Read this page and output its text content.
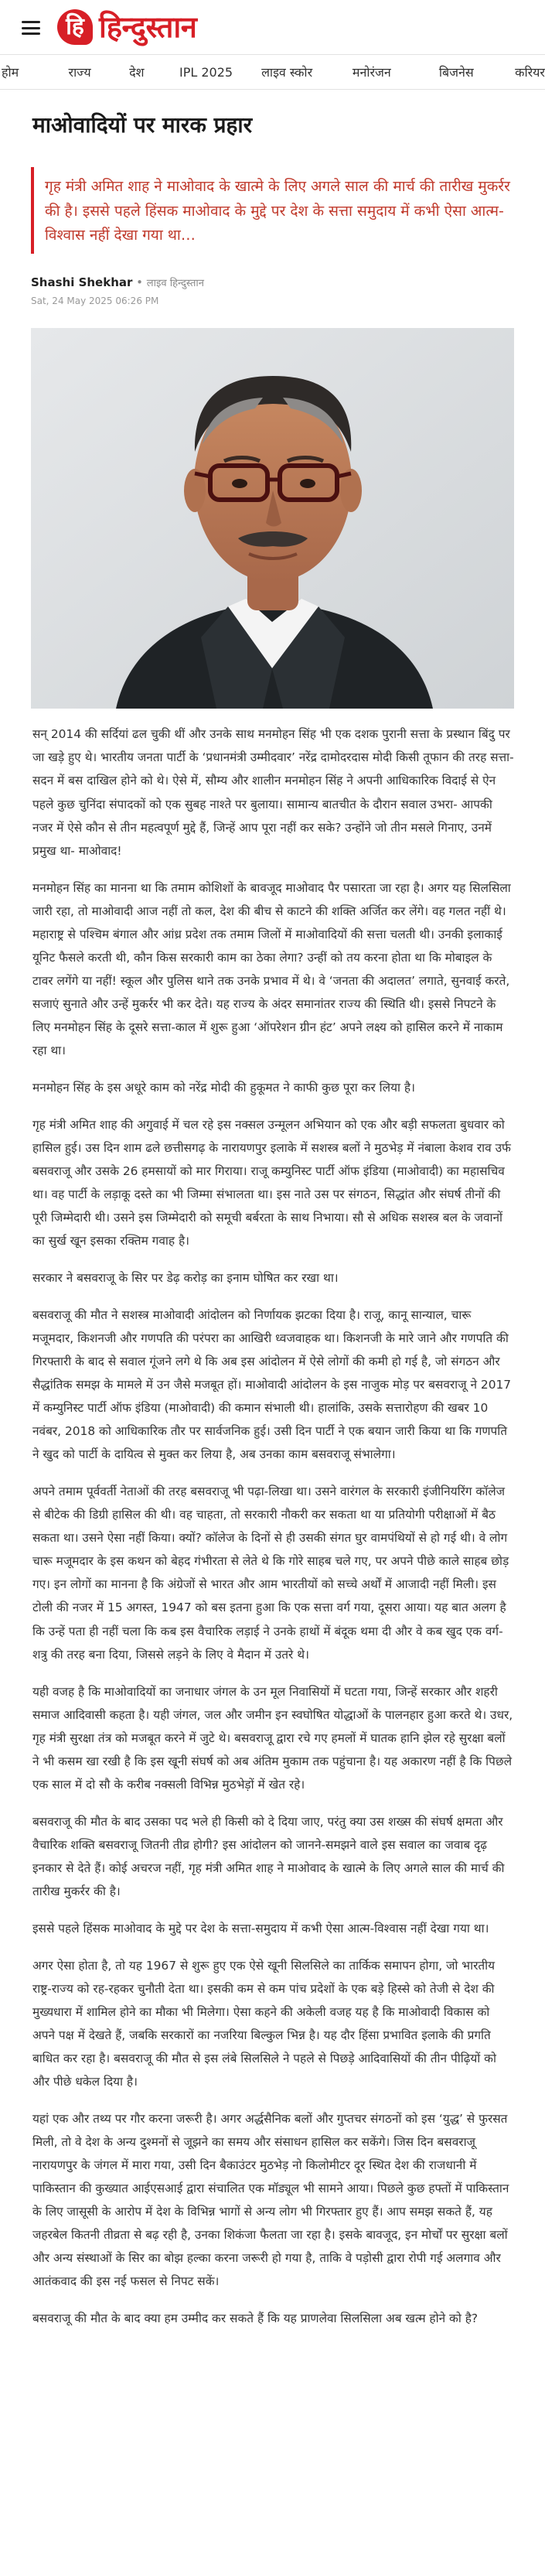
हि हिन्दुस्तान
होम	राज्य	देश	IPL 2025	लाइव स्कोर	मनोरंजन	बिजनेस	करियर
माओवादियों पर मारक प्रहार
गृह मंत्री अमित शाह ने माओवाद के खात्मे के लिए अगले साल की मार्च की तारीख मुकर्रर की है। इससे पहले हिंसक माओवाद के मुद्दे पर देश के सत्ता समुदाय में कभी ऐसा आत्म-विश्वास नहीं देखा गया था…
Shashi Shekhar • लाइव हिन्दुस्तान
Sat, 24 May 2025 06:26 PM

सन् 2014 की सर्दियां ढल चुकी थीं और उनके साथ मनमोहन सिंह भी एक दशक पुरानी सत्ता के प्रस्थान बिंदु पर जा खड़े हुए थे। भारतीय जनता पार्टी के ‘प्रधानमंत्री उम्मीदवार’ नरेंद्र दामोदरदास मोदी किसी तूफान की तरह सत्ता-सदन में बस दाखिल होने को थे। ऐसे में, सौम्य और शालीन मनमोहन सिंह ने अपनी आधिकारिक विदाई से ऐन पहले कुछ चुनिंदा संपादकों को एक सुबह नाश्ते पर बुलाया। सामान्य बातचीत के दौरान सवाल उभरा- आपकी नजर में ऐसे कौन से तीन महत्वपूर्ण मुद्दे हैं, जिन्हें आप पूरा नहीं कर सके? उन्होंने जो तीन मसले गिनाए, उनमें प्रमुख था- माओवाद!

मनमोहन सिंह का मानना था कि तमाम कोशिशों के बावजूद माओवाद पैर पसारता जा रहा है। अगर यह सिलसिला जारी रहा, तो माओवादी आज नहीं तो कल, देश की बीच से काटने की शक्ति अर्जित कर लेंगे। वह गलत नहीं थे। महाराष्ट्र से पश्चिम बंगाल और आंध्र प्रदेश तक तमाम जिलों में माओवादियों की सत्ता चलती थी। उनकी इलाकाई यूनिट फैसले करती थी, कौन किस सरकारी काम का ठेका लेगा? उन्हीं को तय करना होता था कि मोबाइल के टावर लगेंगे या नहीं! स्कूल और पुलिस थाने तक उनके प्रभाव में थे। वे ‘जनता की अदालत’ लगाते, सुनवाई करते, सजाएं सुनाते और उन्हें मुकर्रर भी कर देते। यह राज्य के अंदर समानांतर राज्य की स्थिति थी। इससे निपटने के लिए मनमोहन सिंह के दूसरे सत्ता-काल में शुरू हुआ ‘ऑपरेशन ग्रीन हंट’ अपने लक्ष्य को हासिल करने में नाकाम रहा था।

मनमोहन सिंह के इस अधूरे काम को नरेंद्र मोदी की हुकूमत ने काफी कुछ पूरा कर लिया है।

गृह मंत्री अमित शाह की अगुवाई में चल रहे इस नक्सल उन्मूलन अभियान को एक और बड़ी सफलता बुधवार को हासिल हुई। उस दिन शाम ढले छत्तीसगढ़ के नारायणपुर इलाके में सशस्त्र बलों ने मुठभेड़ में नंबाला केशव राव उर्फ बसवराजू और उसके 26 हमसायों को मार गिराया। राजू कम्युनिस्ट पार्टी ऑफ इंडिया (माओवादी) का महासचिव था। वह पार्टी के लड़ाकू दस्ते का भी जिम्मा संभालता था। इस नाते उस पर संगठन, सिद्धांत और संघर्ष तीनों की पूरी जिम्मेदारी थी। उसने इस जिम्मेदारी को समूची बर्बरता के साथ निभाया। सौ से अधिक सशस्त्र बल के जवानों का सुर्ख खून इसका रक्तिम गवाह है।

सरकार ने बसवराजू के सिर पर डेढ़ करोड़ का इनाम घोषित कर रखा था।

बसवराजू की मौत ने सशस्त्र माओवादी आंदोलन को निर्णायक झटका दिया है। राजू, कानू सान्याल, चारू मजूमदार, किशनजी और गणपति की परंपरा का आखिरी ध्वजवाहक था। किशनजी के मारे जाने और गणपति की गिरफ्तारी के बाद से सवाल गूंजने लगे थे कि अब इस आंदोलन में ऐसे लोगों की कमी हो गई है, जो संगठन और सैद्धांतिक समझ के मामले में उन जैसे मजबूत हों। माओवादी आंदोलन के इस नाजुक मोड़ पर बसवराजू ने 2017 में कम्युनिस्ट पार्टी ऑफ इंडिया (माओवादी) की कमान संभाली थी। हालांकि, उसके सत्तारोहण की खबर 10 नवंबर, 2018 को आधिकारिक तौर पर सार्वजनिक हुई। उसी दिन पार्टी ने एक बयान जारी किया था कि गणपति ने खुद को पार्टी के दायित्व से मुक्त कर लिया है, अब उनका काम बसवराजू संभालेगा।

अपने तमाम पूर्ववर्ती नेताओं की तरह बसवराजू भी पढ़ा-लिखा था। उसने वारंगल के सरकारी इंजीनियरिंग कॉलेज से बीटेक की डिग्री हासिल की थी। वह चाहता, तो सरकारी नौकरी कर सकता था या प्रतियोगी परीक्षाओं में बैठ सकता था। उसने ऐसा नहीं किया। क्यों? कॉलेज के दिनों से ही उसकी संगत घुर वामपंथियों से हो गई थी। वे लोग चारू मजूमदार के इस कथन को बेहद गंभीरता से लेते थे कि गोरे साहब चले गए, पर अपने पीछे काले साहब छोड़ गए। इन लोगों का मानना है कि अंग्रेजों से भारत और आम भारतीयों को सच्चे अर्थों में आजादी नहीं मिली। इस टोली की नजर में 15 अगस्त, 1947 को बस इतना हुआ कि एक सत्ता वर्ग गया, दूसरा आया। यह बात अलग है कि उन्हें पता ही नहीं चला कि कब इस वैचारिक लड़ाई ने उनके हाथों में बंदूक थमा दी और वे कब खुद एक वर्ग-शत्रु की तरह बना दिया, जिससे लड़ने के लिए वे मैदान में उतरे थे।

यही वजह है कि माओवादियों का जनाधार जंगल के उन मूल निवासियों में घटता गया, जिन्हें सरकार और शहरी समाज आदिवासी कहता है। यही जंगल, जल और जमीन इन स्वघोषित योद्धाओं के पालनहार हुआ करते थे। उधर, गृह मंत्री सुरक्षा तंत्र को मजबूत करने में जुटे थे। बसवराजू द्वारा रचे गए हमलों में घातक हानि झेल रहे सुरक्षा बलों ने भी कसम खा रखी है कि इस खूनी संघर्ष को अब अंतिम मुकाम तक पहुंचाना है। यह अकारण नहीं है कि पिछले एक साल में दो सौ के करीब नक्सली विभिन्न मुठभेड़ों में खेत रहे।

बसवराजू की मौत के बाद उसका पद भले ही किसी को दे दिया जाए, परंतु क्या उस शख्स की संघर्ष क्षमता और वैचारिक शक्ति बसवराजू जितनी तीव्र होगी? इस आंदोलन को जानने-समझने वाले इस सवाल का जवाब दृढ़ इनकार से देते हैं। कोई अचरज नहीं, गृह मंत्री अमित शाह ने माओवाद के खात्मे के लिए अगले साल की मार्च की तारीख मुकर्रर की है।

इससे पहले हिंसक माओवाद के मुद्दे पर देश के सत्ता-समुदाय में कभी ऐसा आत्म-विश्वास नहीं देखा गया था।

अगर ऐसा होता है, तो यह 1967 से शुरू हुए एक ऐसे खूनी सिलसिले का तार्किक समापन होगा, जो भारतीय राष्ट्र-राज्य को रह-रहकर चुनौती देता था। इसकी कम से कम पांच प्रदेशों के एक बड़े हिस्से को तेजी से देश की मुख्यधारा में शामिल होने का मौका भी मिलेगा। ऐसा कहने की अकेली वजह यह है कि माओवादी विकास को अपने पक्ष में देखते हैं, जबकि सरकारों का नजरिया बिल्कुल भिन्न है। यह दौर हिंसा प्रभावित इलाके की प्रगति बाधित कर रहा है। बसवराजू की मौत से इस लंबे सिलसिले ने पहले से पिछड़े आदिवासियों की तीन पीढ़ियों को और पीछे धकेल दिया है।

यहां एक और तथ्य पर गौर करना जरूरी है। अगर अर्द्धसैनिक बलों और गुप्तचर संगठनों को इस ‘युद्ध’ से फुरसत मिली, तो वे देश के अन्य दुश्मनों से जूझने का समय और संसाधन हासिल कर सकेंगे। जिस दिन बसवराजू नारायणपुर के जंगल में मारा गया, उसी दिन बैकाउंटर मुठभेड़ नो किलोमीटर दूर स्थित देश की राजधानी में पाकिस्तान की कुख्यात आईएसआई द्वारा संचालित एक मॉड्यूल भी सामने आया। पिछले कुछ हफ्तों में पाकिस्तान के लिए जासूसी के आरोप में देश के विभिन्न भागों से अन्य लोग भी गिरफ्तार हुए हैं। आप समझ सकते हैं, यह जहरबेल कितनी तीव्रता से बढ़ रही है, उनका शिकंजा फैलता जा रहा है। इसके बावजूद, इन मोर्चों पर सुरक्षा बलों और अन्य संस्थाओं के सिर का बोझ हल्का करना जरूरी हो गया है, ताकि वे पड़ोसी द्वारा रोपी गई अलगाव और आतंकवाद की इस नई फसल से निपट सकें।

बसवराजू की मौत के बाद क्या हम उम्मीद कर सकते हैं कि यह प्राणलेवा सिलसिला अब खत्म होने को है?
